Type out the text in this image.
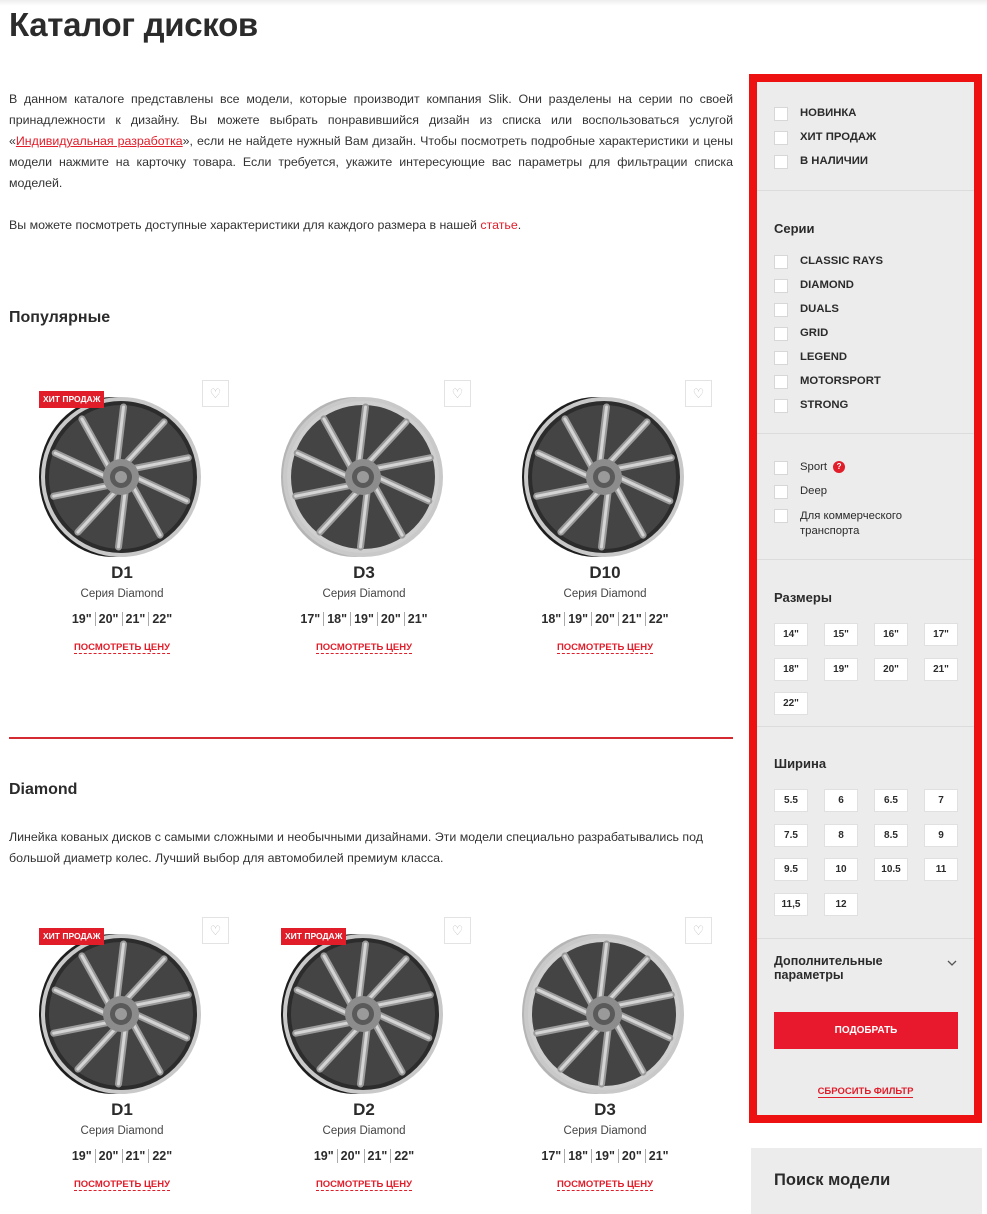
Каталог дисков

В данном каталоге представлены все модели, которые производит компания Slik. Они разделены на серии по своей принадлежности к дизайну. Вы можете выбрать понравившийся дизайн из списка или воспользоваться услугой «Индивидуальная разработка», если не найдете нужный Вам дизайн. Чтобы посмотреть подробные характеристики и цены модели нажмите на карточку товара. Если требуется, укажите интересующие вас параметры для фильтрации списка моделей.

Вы можете посмотреть доступные характеристики для каждого размера в нашей статье.

Популярные
♡
ХИТ ПРОДАЖ
D1
Серия Diamond
19" 20" 21" 22"
ПОСМОТРЕТЬ ЦЕНУ
♡
D3
Серия Diamond
17" 18" 19" 20" 21"
ПОСМОТРЕТЬ ЦЕНУ
♡
D10
Серия Diamond
18" 19" 20" 21" 22"
ПОСМОТРЕТЬ ЦЕНУ
Diamond

Линейка кованых дисков с самыми сложными и необычными дизайнами. Эти модели специально разрабатывались под большой диаметр колес. Лучший выбор для автомобилей премиум класса.

♡
ХИТ ПРОДАЖ
D1
Серия Diamond
19" 20" 21" 22"
ПОСМОТРЕТЬ ЦЕНУ
♡
ХИТ ПРОДАЖ
D2
Серия Diamond
19" 20" 21" 22"
ПОСМОТРЕТЬ ЦЕНУ
♡
D3
Серия Diamond
17" 18" 19" 20" 21"
ПОСМОТРЕТЬ ЦЕНУ
НОВИНКА
ХИТ ПРОДАЖ
В НАЛИЧИИ
Серии
CLASSIC RAYS
DIAMOND
DUALS
GRID
LEGEND
MOTORSPORT
STRONG
Sport	?
Deep
Для коммерческого транспорта
Размеры
14"	15"	16"	17"
18"	19"	20"	21"
22"
Ширина
5.5	6	6.5	7
7.5	8	8.5	9
9.5	10	10.5	11
11,5	12
Дополнительные параметры
ПОДОБРАТЬ
СБРОСИТЬ ФИЛЬТР
Поиск модели
